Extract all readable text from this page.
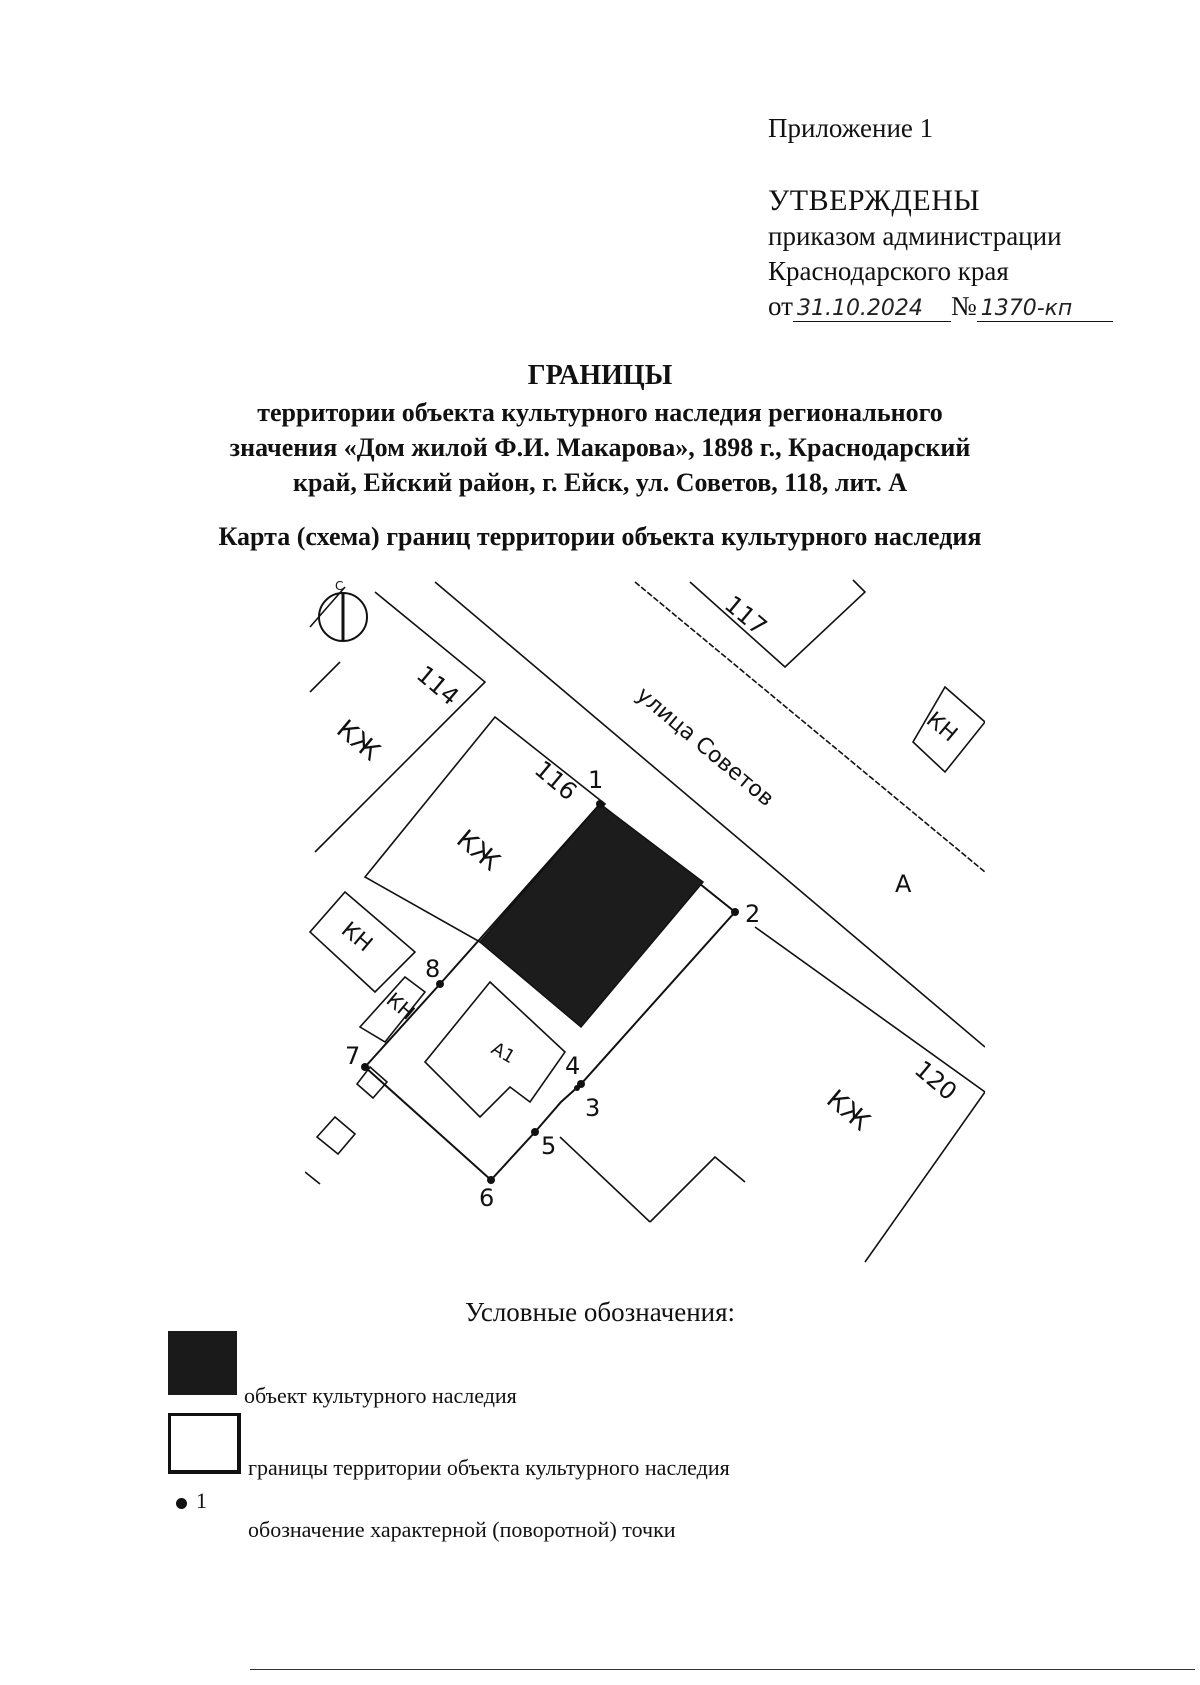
Приложение 1
УТВЕРЖДЕНЫ
приказом администрации
Краснодарского края
от 31.10.2024 № 1370-кп
ГРАНИЦЫ
территории объекта культурного наследия регионального
значения «Дом жилой Ф.И. Макарова», 1898 г., Краснодарский
край, Ейский район, г. Ейск, ул. Советов, 118, лит. А
Карта (схема) границ территории объекта культурного наследия
С
улица Советов
114
116
117
120
КЖ
КЖ
КЖ
КН
КН
КН
А
А1
1
2
3
4
5
6
7
8
Условные обозначения:
объект культурного наследия
границы территории объекта культурного наследия
1
обозначение характерной (поворотной) точки
